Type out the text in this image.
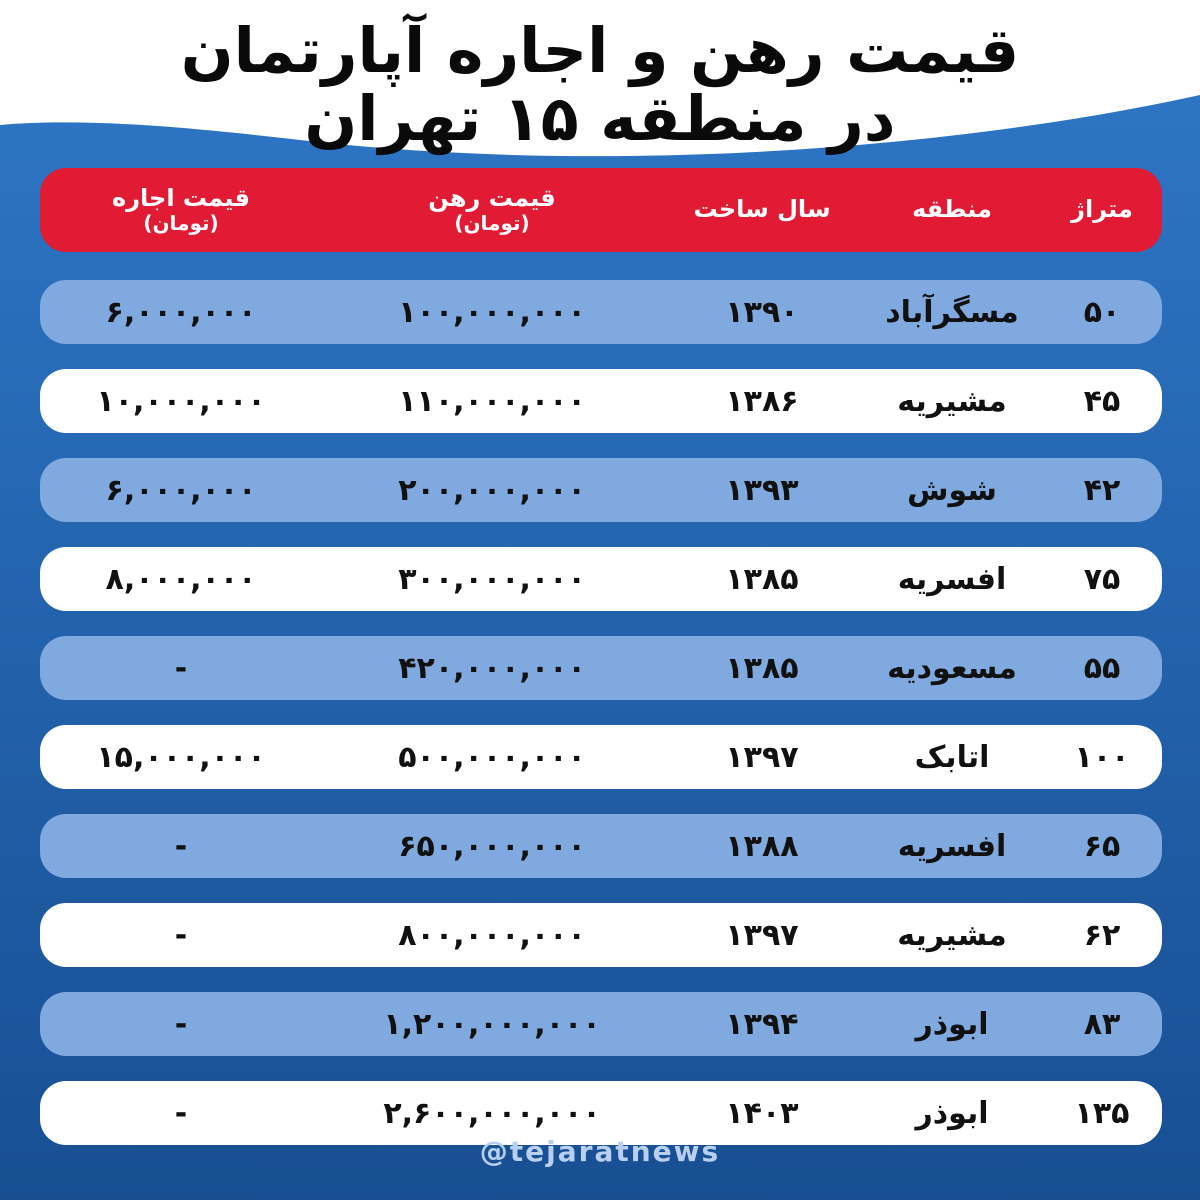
قیمت رهن و اجاره آپارتمان
در منطقه ۱۵ تهران
متراژ
منطقه
سال ساخت
قیمت رهن
(تومان)
قیمت اجاره
(تومان)
۵۰
مسگرآباد
۱۳۹۰
۱۰۰,۰۰۰,۰۰۰
۶,۰۰۰,۰۰۰
۴۵
مشیریه
۱۳۸۶
۱۱۰,۰۰۰,۰۰۰
۱۰,۰۰۰,۰۰۰
۴۲
شوش
۱۳۹۳
۲۰۰,۰۰۰,۰۰۰
۶,۰۰۰,۰۰۰
۷۵
افسریه
۱۳۸۵
۳۰۰,۰۰۰,۰۰۰
۸,۰۰۰,۰۰۰
۵۵
مسعودیه
۱۳۸۵
۴۲۰,۰۰۰,۰۰۰
-
۱۰۰
اتابک
۱۳۹۷
۵۰۰,۰۰۰,۰۰۰
۱۵,۰۰۰,۰۰۰
۶۵
افسریه
۱۳۸۸
۶۵۰,۰۰۰,۰۰۰
-
۶۲
مشیریه
۱۳۹۷
۸۰۰,۰۰۰,۰۰۰
-
۸۳
ابوذر
۱۳۹۴
۱,۲۰۰,۰۰۰,۰۰۰
-
۱۳۵
ابوذر
۱۴۰۳
۲,۶۰۰,۰۰۰,۰۰۰
-
@tejaratnews
